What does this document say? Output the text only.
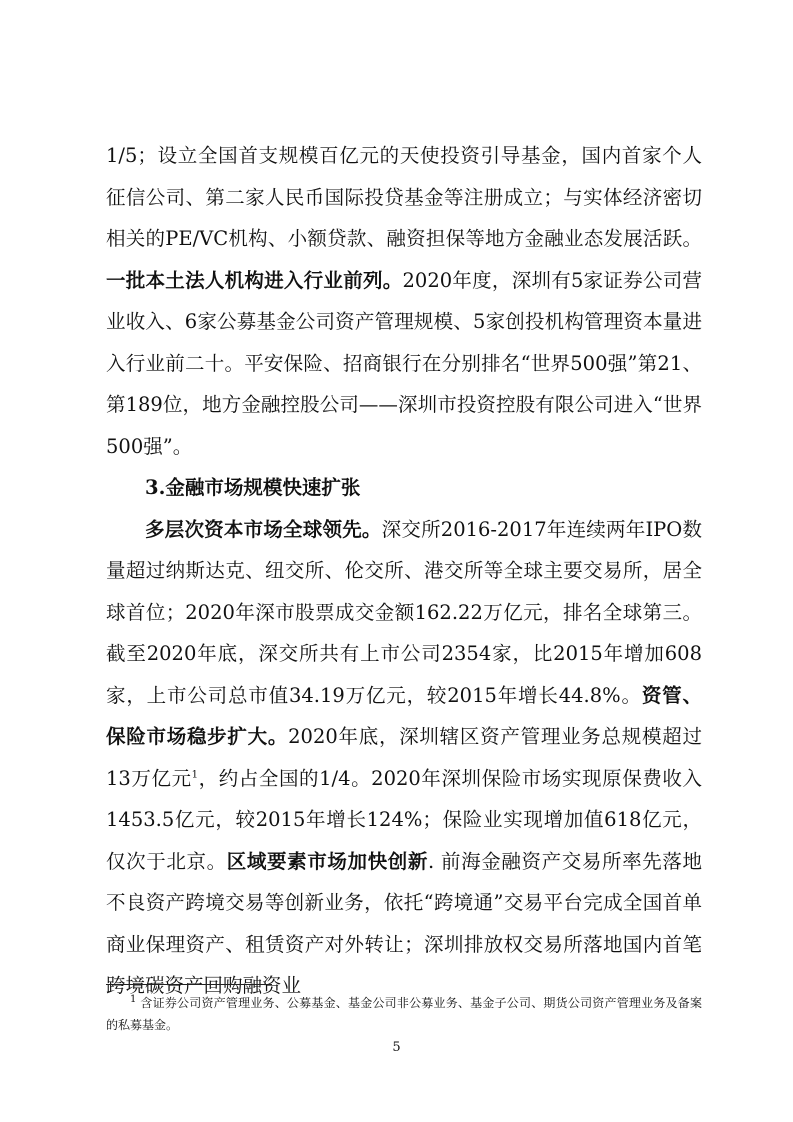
1/5；设立全国首支规模百亿元的天使投资引导基金，国内首家个人征信公司、第二家人民币国际投贷基金等注册成立；与实体经济密切相关的PE/VC机构、小额贷款、融资担保等地方金融业态发展活跃。一批本土法人机构进入行业前列。2020年度，深圳有5家证券公司营业收入、6家公募基金公司资产管理规模、5家创投机构管理资本量进入行业前二十。平安保险、招商银行在分别排名“世界500强”第21、第189位，地方金融控股公司——深圳市投资控股有限公司进入“世界500强”。

3.金融市场规模快速扩张

多层次资本市场全球领先。深交所2016-2017年连续两年IPO数量超过纳斯达克、纽交所、伦交所、港交所等全球主要交易所，居全球首位；2020年深市股票成交金额162.22万亿元，排名全球第三。截至2020年底，深交所共有上市公司2354家，比2015年增加608家，上市公司总市值34.19万亿元，较2015年增长44.8%。资管、保险市场稳步扩大。2020年底，深圳辖区资产管理业务总规模超过13万亿元$^1$，约占全国的1/4。2020年深圳保险市场实现原保费收入1453.5亿元，较2015年增长124%；保险业实现增加值618亿元，仅次于北京。区域要素市场加快创新. 前海金融资产交易所率先落地不良资产跨境交易等创新业务，依托“跨境通”交易平台完成全国首单商业保理资产、租赁资产对外转让；深圳排放权交易所落地国内首笔跨境碳资产回购融资业

$^1$ 含证券公司资产管理业务、公募基金、基金公司非公募业务、基金子公司、期货公司资产管理业务及备案的私募基金。

5
